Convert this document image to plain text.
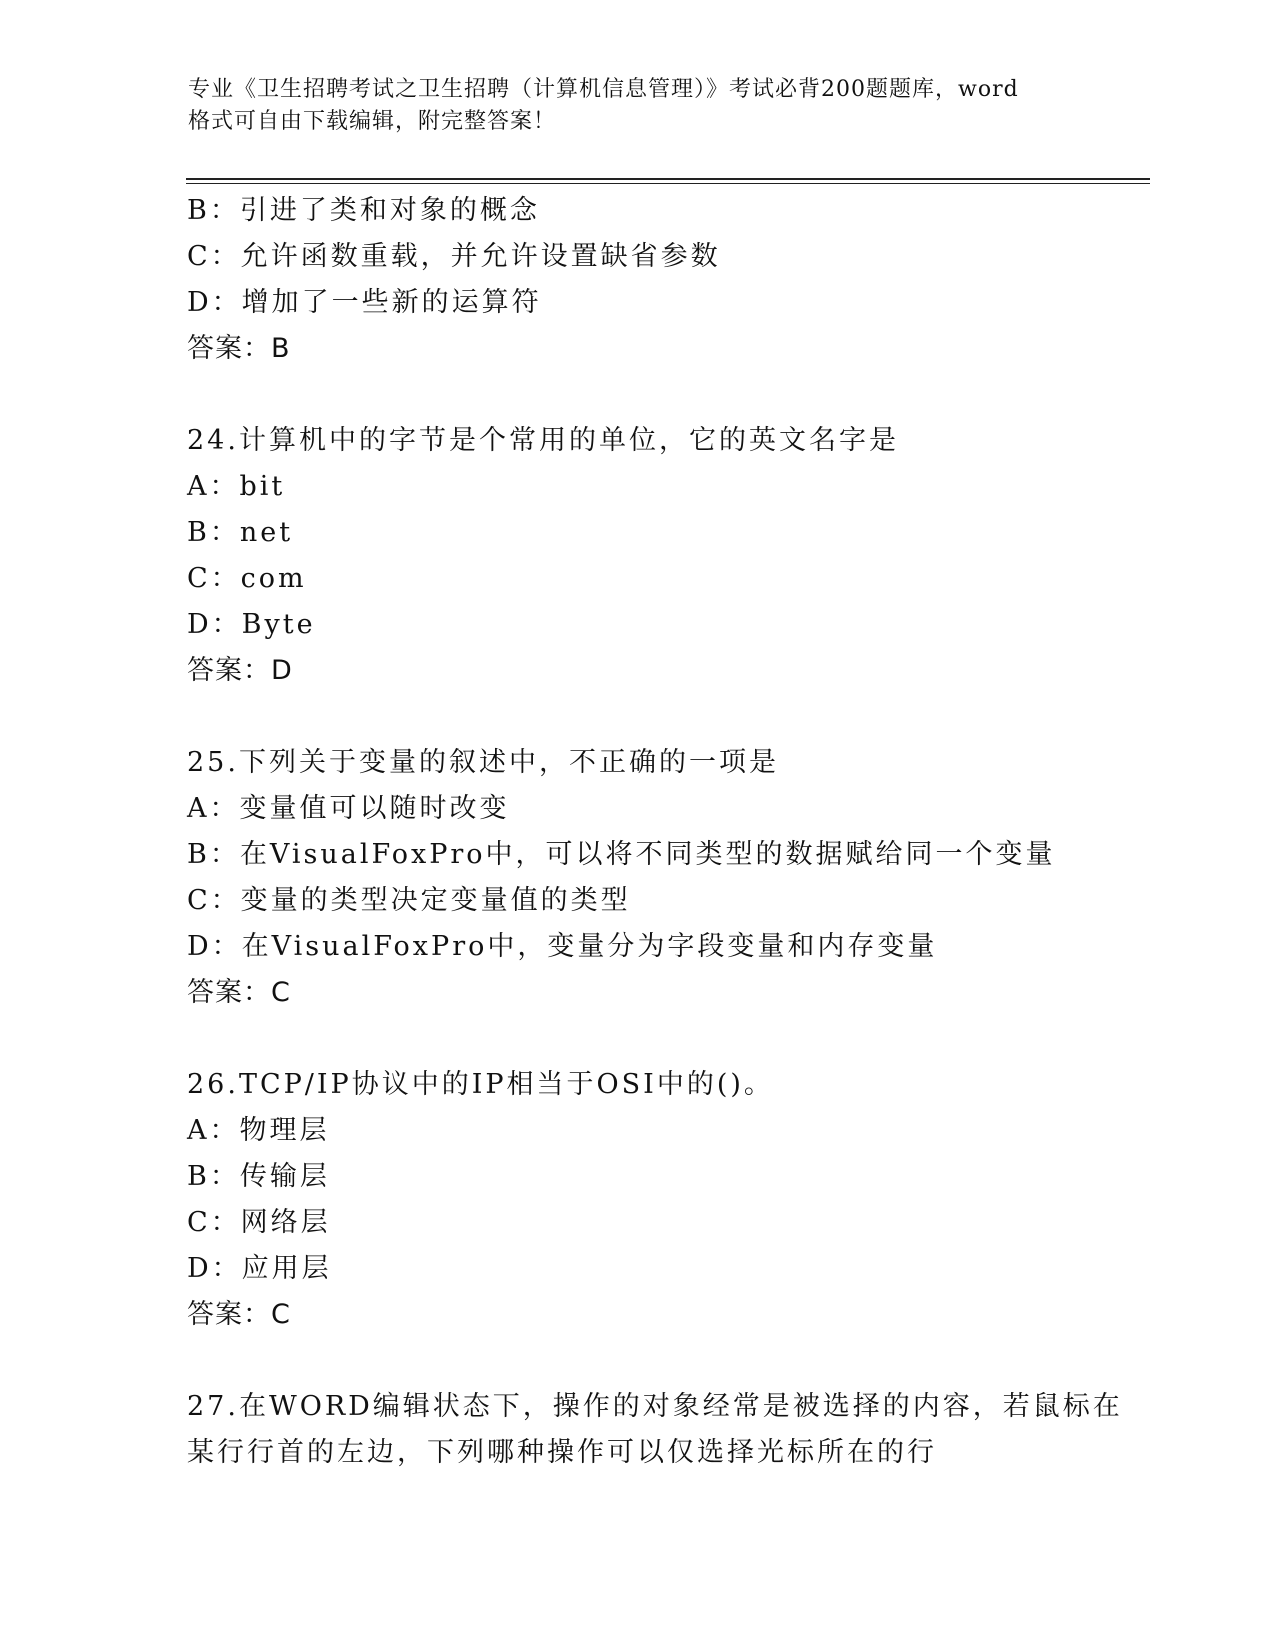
专业《卫生招聘考试之卫生招聘（计算机信息管理）》考试必背200题题库，word
格式可自由下载编辑，附完整答案！
B：引进了类和对象的概念
C：允许函数重载，并允许设置缺省参数
D：增加了一些新的运算符
答案：B
24.计算机中的字节是个常用的单位，它的英文名字是
A：bit
B：net
C：com
D：Byte
答案：D
25.下列关于变量的叙述中，不正确的一项是
A：变量值可以随时改变
B：在VisualFoxPro中，可以将不同类型的数据赋给同一个变量
C：变量的类型决定变量值的类型
D：在VisualFoxPro中，变量分为字段变量和内存变量
答案：C
26.TCP/IP协议中的IP相当于OSI中的()。
A：物理层
B：传输层
C：网络层
D：应用层
答案：C
27.在WORD编辑状态下，操作的对象经常是被选择的内容，若鼠标在
某行行首的左边，下列哪种操作可以仅选择光标所在的行
